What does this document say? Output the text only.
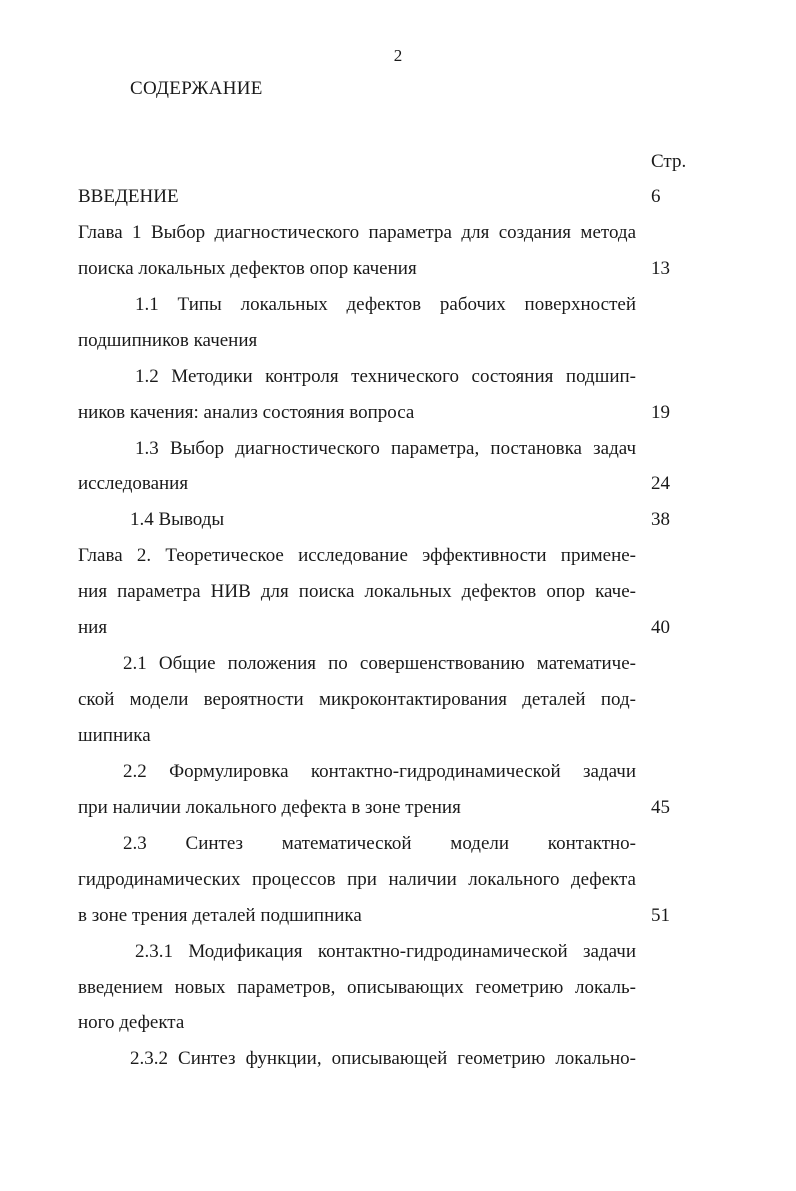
2
СОДЕРЖАНИЕ
Стр.
ВВЕДЕНИЕ	6
Глава 1 Выбор диагностического параметра для создания метода
поиска локальных дефектов опор качения	13
1.1 Типы локальных дефектов рабочих поверхностей
подшипников качения
1.2 Методики контроля технического состояния подшип-
ников качения: анализ состояния вопроса	19
1.3 Выбор диагностического параметра, постановка задач
исследования	24
1.4 Выводы	38
Глава 2. Теоретическое исследование эффективности примене-
ния параметра НИВ для поиска локальных дефектов опор каче-
ния	40
2.1 Общие положения по совершенствованию математиче-
ской модели вероятности микроконтактирования деталей под-
шипника
2.2 Формулировка контактно-гидродинамической задачи
при наличии локального дефекта в зоне трения	45
2.3 Синтез математической модели контактно-
гидродинамических процессов при наличии локального дефекта
в зоне трения деталей подшипника	51
2.3.1 Модификация контактно-гидродинамической задачи
введением новых параметров, описывающих геометрию локаль-
ного дефекта
2.3.2 Синтез функции, описывающей геометрию локально-
